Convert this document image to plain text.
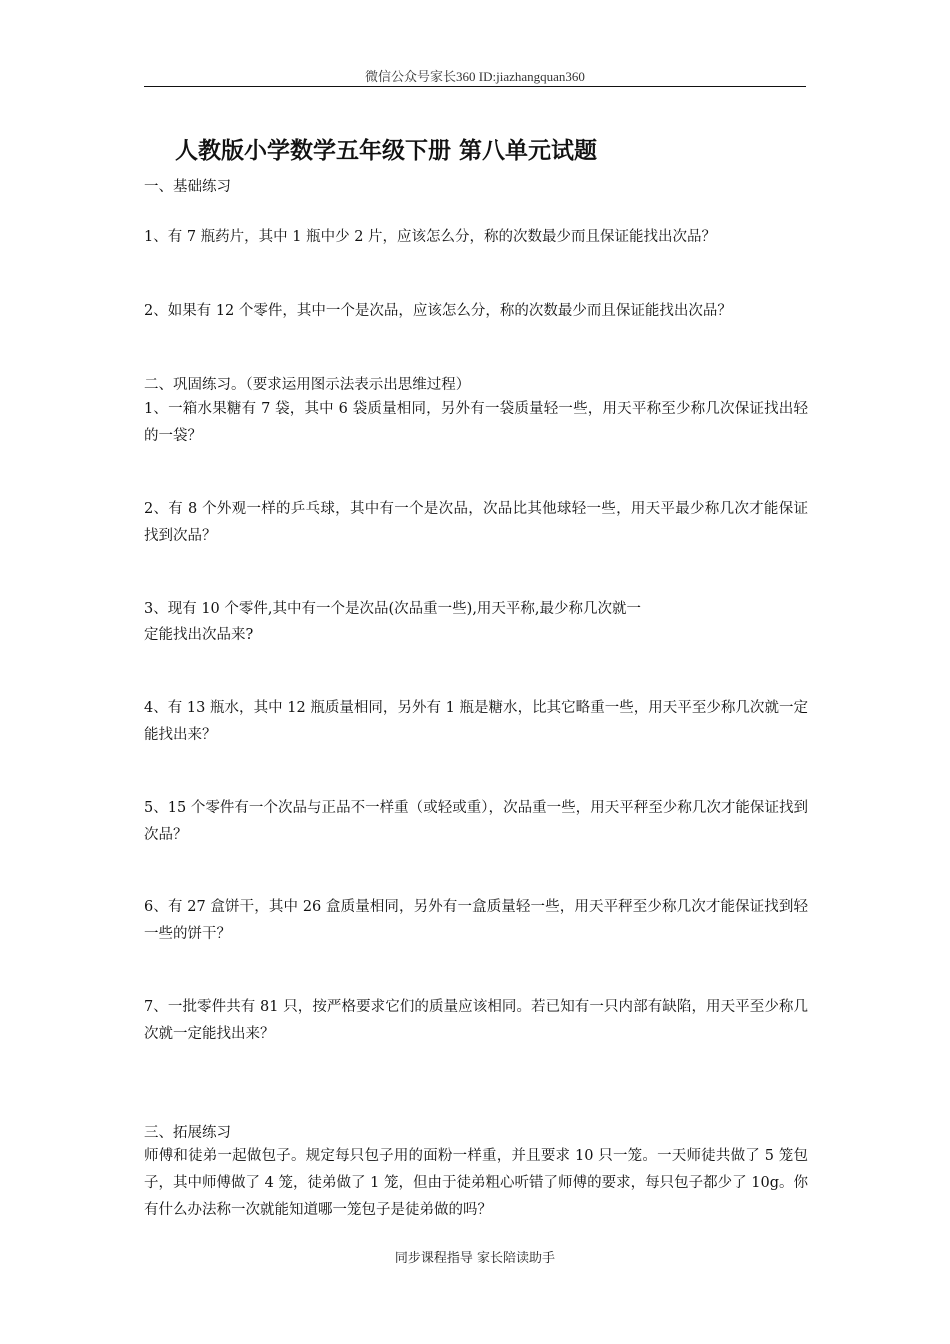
微信公众号家长360 ID:jiazhangquan360
人教版小学数学五年级下册 第八单元试题
一、基础练习
1、有 7 瓶药片，其中 1 瓶中少 2 片，应该怎么分，称的次数最少而且保证能找出次品？
2、如果有 12 个零件，其中一个是次品，应该怎么分，称的次数最少而且保证能找出次品？
二、巩固练习。（要求运用图示法表示出思维过程）
1、一箱水果糖有 7 袋，其中 6 袋质量相同，另外有一袋质量轻一些，用天平称至少称几次保证找出轻的一袋？
2、有 8 个外观一样的乒乓球，其中有一个是次品，次品比其他球轻一些，用天平最少称几次才能保证找到次品？
3、现有 10 个零件,其中有一个是次品(次品重一些),用天平称,最少称几次就一
定能找出次品来?
4、有 13 瓶水，其中 12 瓶质量相同，另外有 1 瓶是糖水，比其它略重一些，用天平至少称几次就一定能找出来？
5、15 个零件有一个次品与正品不一样重（或轻或重），次品重一些，用天平秤至少称几次才能保证找到次品？
6、有 27 盒饼干，其中 26 盒质量相同，另外有一盒质量轻一些，用天平秤至少称几次才能保证找到轻一些的饼干？
7、一批零件共有 81 只，按严格要求它们的质量应该相同。若已知有一只内部有缺陷，用天平至少称几次就一定能找出来？
三、拓展练习
师傅和徒弟一起做包子。规定每只包子用的面粉一样重，并且要求 10 只一笼。一天师徒共做了 5 笼包子，其中师傅做了 4 笼，徒弟做了 1 笼，但由于徒弟粗心听错了师傅的要求，每只包子都少了 10g。你有什么办法称一次就能知道哪一笼包子是徒弟做的吗？
同步课程指导 家长陪读助手
